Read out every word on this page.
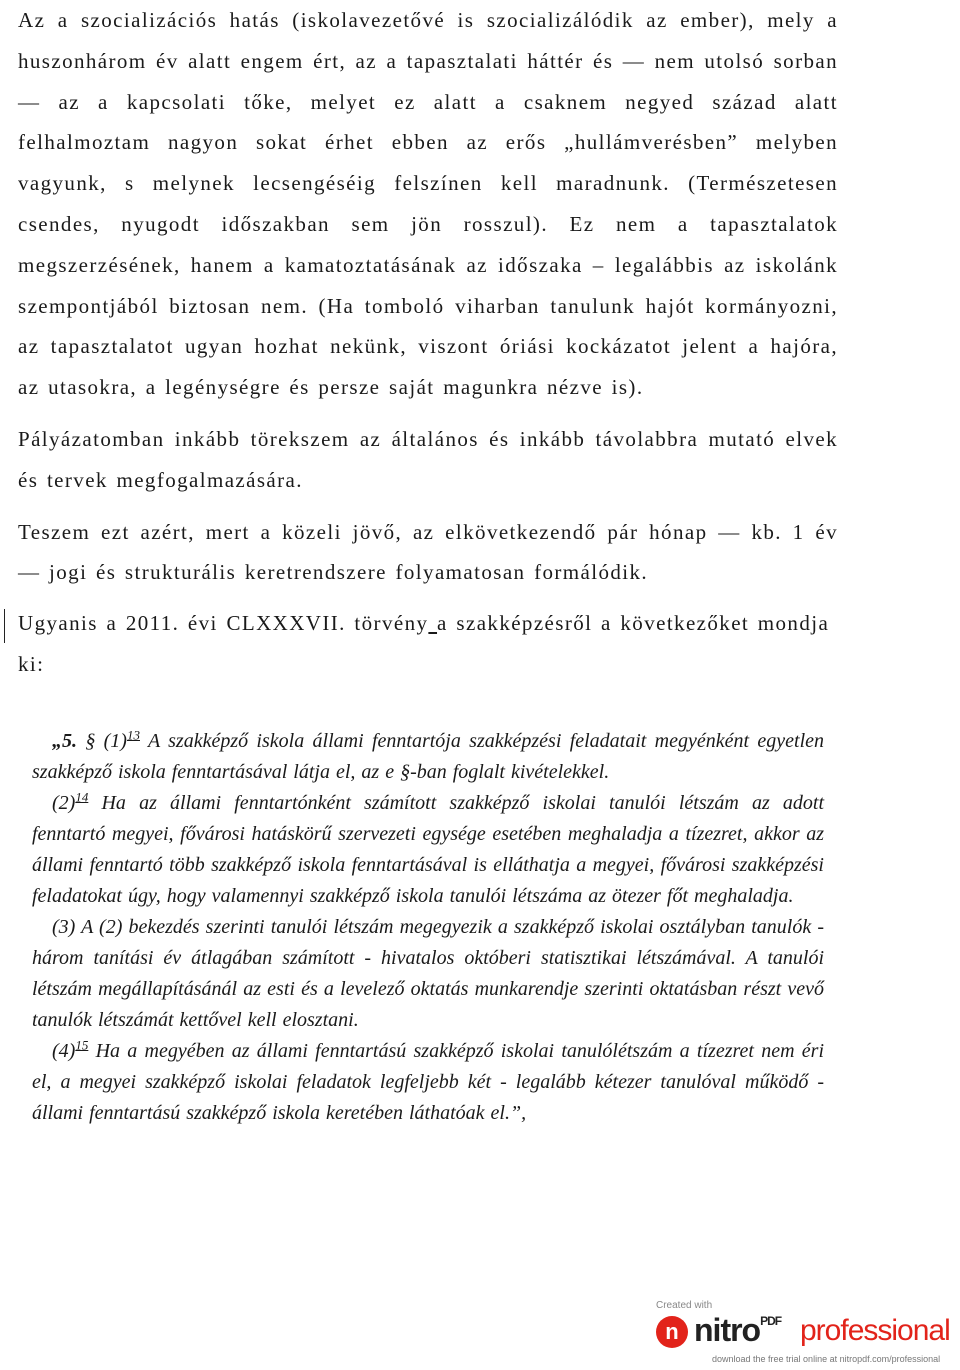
Az a szocializációs hatás (iskolavezetővé is szocializálódik az ember), mely a huszonhárom év alatt engem ért, az a tapasztalati háttér és ― nem utolsó sorban ― az a kapcsolati tőke, melyet ez alatt a csaknem negyed század alatt felhalmoztam nagyon sokat érhet ebben az erős „hullámverésben” melyben vagyunk, s melynek lecsengéséig felszínen kell maradnunk. (Természetesen csendes, nyugodt időszakban sem jön rosszul). Ez nem a tapasztalatok megszerzésének, hanem a kamatoztatásának az időszaka – legalábbis az iskolánk szempontjából biztosan nem. (Ha tomboló viharban tanulunk hajót kormányozni, az tapasztalatot ugyan hozhat nekünk, viszont óriási kockázatot jelent a hajóra, az utasokra, a legénységre és persze saját magunkra nézve is).

Pályázatomban inkább törekszem az általános és inkább távolabbra mutató elvek és tervek megfogalmazására.

Teszem ezt azért, mert a közeli jövő, az elkövetkezendő pár hónap ― kb. 1 év ― jogi és strukturális keretrendszere folyamatosan formálódik.

Ugyanis a 2011. évi CLXXXVII. törvény a szakképzésről a következőket mondja ki:

„5. § $(1)^{13}$ A szakképző iskola állami fenntartója szakképzési feladatait megyénként egyetlen szakképző iskola fenntartásával látja el, az e §-ban foglalt kivételekkel.

$(2)^{14}$ Ha az állami fenntartónként számított szakképző iskolai tanulói létszám az adott fenntartó megyei, fővárosi hatáskörű szervezeti egysége esetében meghaladja a tízezret, akkor az állami fenntartó több szakképző iskola fenntartásával is elláthatja a megyei, fővárosi szakképzési feladatokat úgy, hogy valamennyi szakképző iskola tanulói létszáma az ötezer főt meghaladja.

(3) A (2) bekezdés szerinti tanulói létszám megegyezik a szakképző iskolai osztályban tanulók - három tanítási év átlagában számított - hivatalos októberi statisztikai létszámával. A tanulói létszám megállapításánál az esti és a levelező oktatás munkarendje szerinti oktatásban részt vevő tanulók létszámát kettővel kell elosztani.

$(4)^{15}$ Ha a megyében az állami fenntartású szakképző iskolai tanulólétszám a tízezret nem éri el, a megyei szakképző iskolai feladatok legfeljebb két - legalább kétezer tanulóval működő - állami fenntartású szakképző iskola keretében láthatóak el.”,

Created with
n nitro$^{PDF}$ professional
download the free trial online at nitropdf.com/professional
